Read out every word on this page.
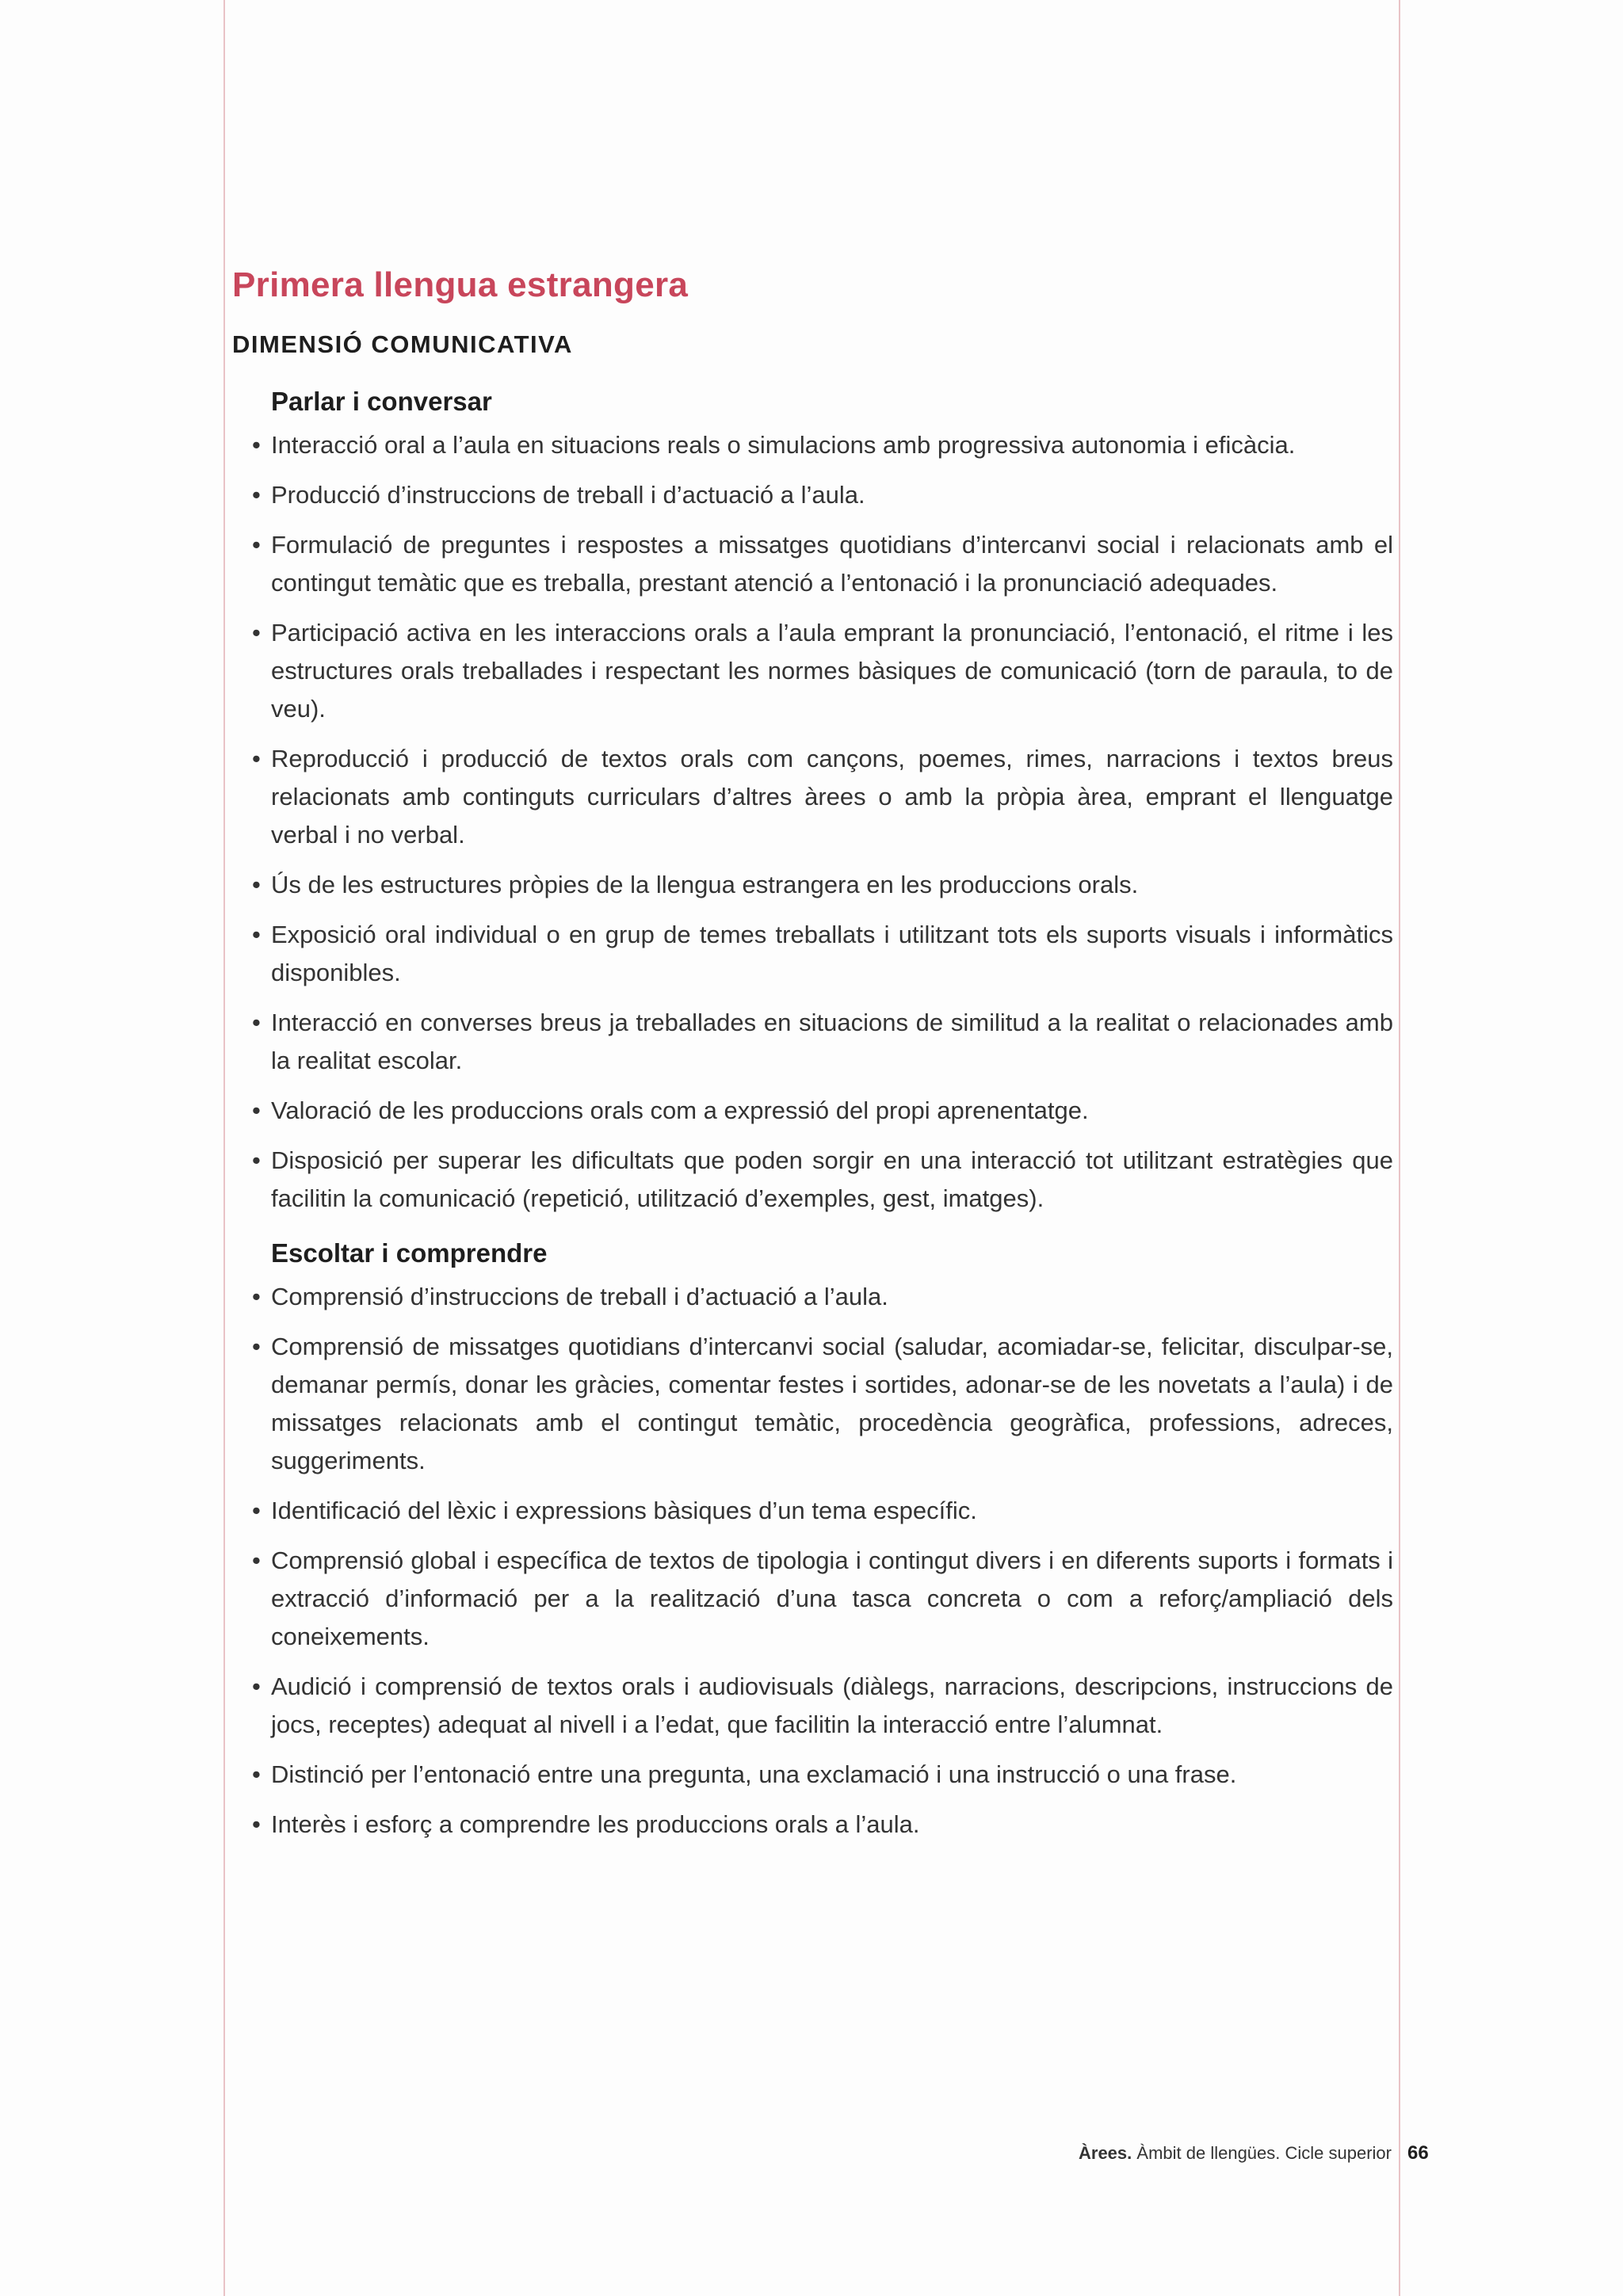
Primera llengua estrangera
DIMENSIÓ COMUNICATIVA
Parlar i conversar
• Interacció oral a l’aula en situacions reals o simulacions amb progressiva autonomia i eficàcia.
• Producció d’instruccions de treball i d’actuació a l’aula.
• Formulació de preguntes i respostes a missatges quotidians d’intercanvi social i relacionats amb el contingut temàtic que es treballa, prestant atenció a l’entonació i la pronunciació adequades.
• Participació activa en les interaccions orals a l’aula emprant la pronunciació, l’entonació, el ritme i les estructures orals treballades i respectant les normes bàsiques de comunicació (torn de paraula, to de veu).
• Reproducció i producció de textos orals com cançons, poemes, rimes, narracions i textos breus relacionats amb continguts curriculars d’altres àrees o amb la pròpia àrea, emprant el llenguatge verbal i no verbal.
• Ús de les estructures pròpies de la llengua estrangera en les produccions orals.
• Exposició oral individual o en grup de temes treballats i utilitzant tots els suports visuals i informàtics disponibles.
• Interacció en converses breus ja treballades en situacions de similitud a la realitat o relacionades amb la realitat escolar.
• Valoració de les produccions orals com a expressió del propi aprenentatge.
• Disposició per superar les dificultats que poden sorgir en una interacció tot utilitzant estratègies que facilitin la comunicació (repetició, utilització d’exemples, gest, imatges).
Escoltar i comprendre
• Comprensió d’instruccions de treball i d’actuació a l’aula.
• Comprensió de missatges quotidians d’intercanvi social (saludar, acomiadar-se, felicitar, disculpar-se, demanar permís, donar les gràcies, comentar festes i sortides, adonar-se de les novetats a l’aula) i de missatges relacionats amb el contingut temàtic, procedència geogràfica, professions, adreces, suggeriments.
• Identificació del lèxic i expressions bàsiques d’un tema específic.
• Comprensió global i específica de textos de tipologia i contingut divers i en diferents suports i formats i extracció d’informació per a la realització d’una tasca concreta o com a reforç/ampliació dels coneixements.
• Audició i comprensió de textos orals i audiovisuals (diàlegs, narracions, descripcions, instruccions de jocs, receptes) adequat al nivell i a l’edat, que facilitin la interacció entre l’alumnat.
• Distinció per l’entonació entre una pregunta, una exclamació i una instrucció o una frase.
• Interès i esforç a comprendre les produccions orals a l’aula.
Àrees. Àmbit de llengües. Cicle superior 66
